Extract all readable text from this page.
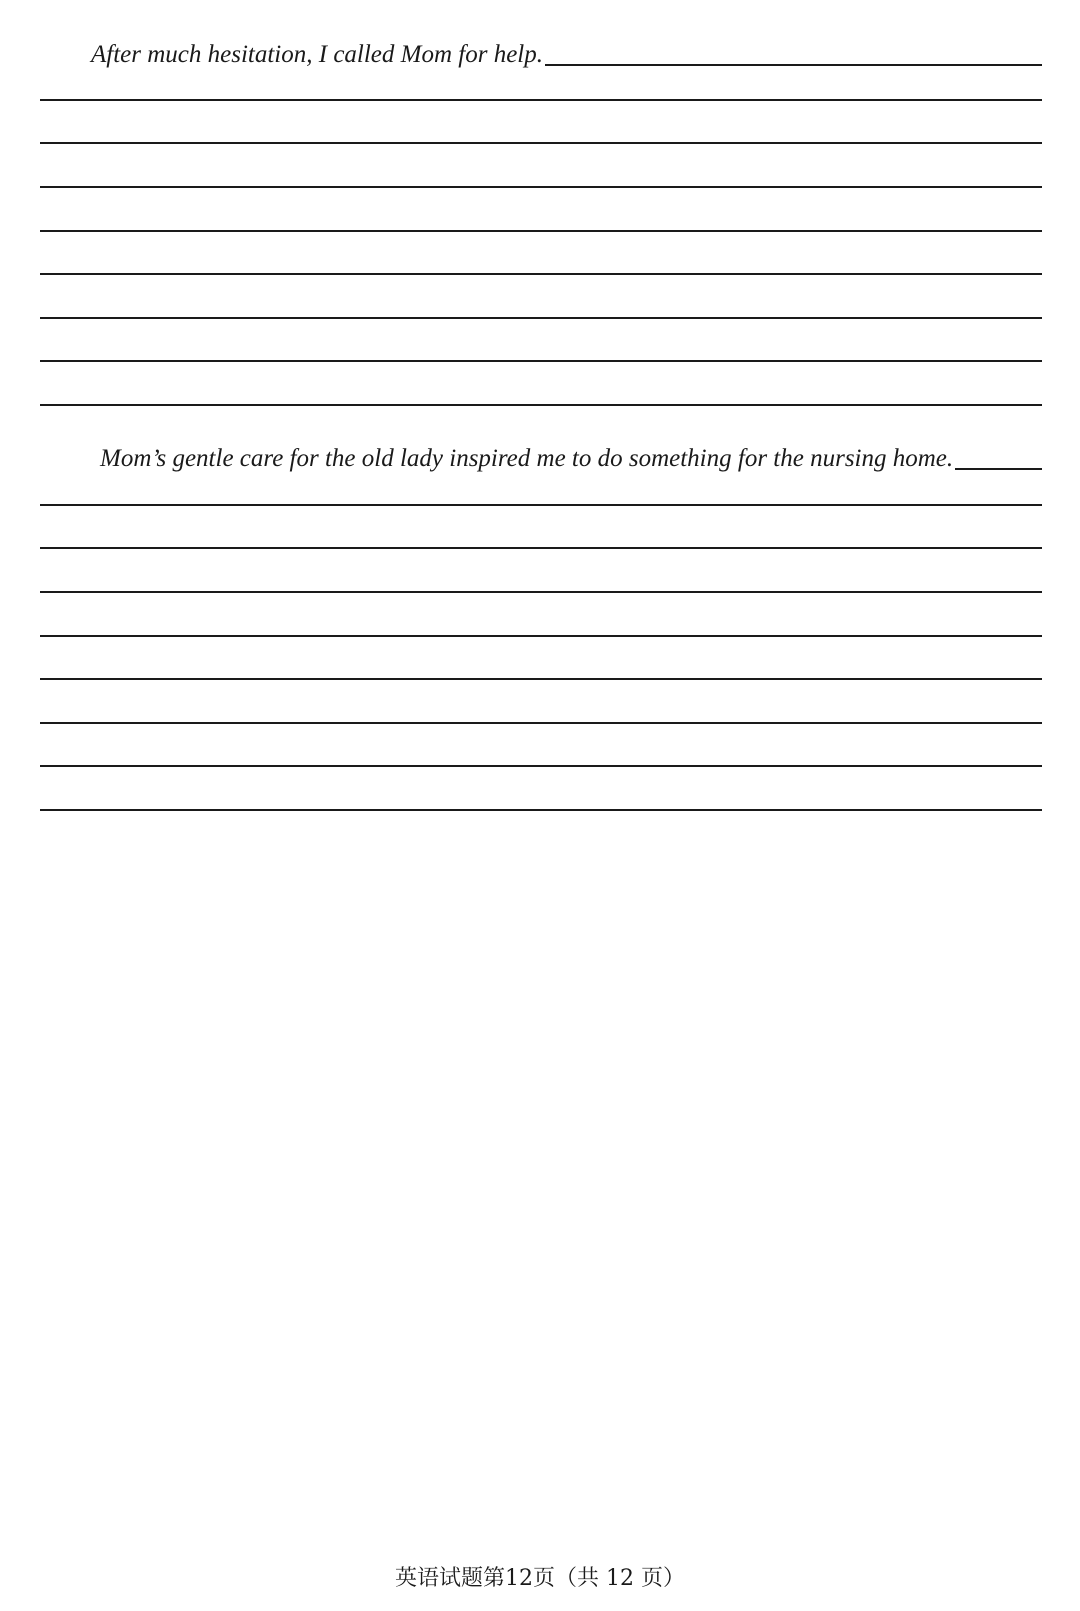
After much hesitation, I called Mom for help.
Mom’s gentle care for the old lady inspired me to do something for the nursing home.
英语试题第12页（共 12 页）
